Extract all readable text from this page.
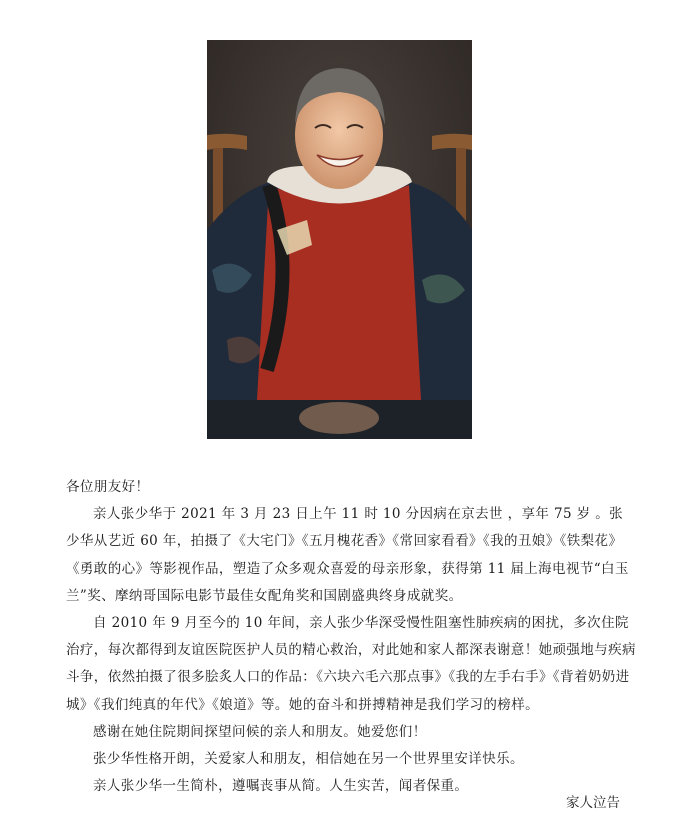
各位朋友好！

亲人张少华于 2021 年 3 月 23 日上午 11 时 10 分因病在京去世 ，享年 75 岁 。张少华从艺近 60 年，拍摄了《大宅门》《五月槐花香》《常回家看看》《我的丑娘》《铁梨花》《勇敢的心》等影视作品，塑造了众多观众喜爱的母亲形象，获得第 11 届上海电视节“白玉兰”奖、摩纳哥国际电影节最佳女配角奖和国剧盛典终身成就奖。

自 2010 年 9 月至今的 10 年间，亲人张少华深受慢性阻塞性肺疾病的困扰，多次住院治疗，每次都得到友谊医院医护人员的精心救治，对此她和家人都深表谢意！她顽强地与疾病斗争，依然拍摄了很多脍炙人口的作品：《六块六毛六那点事》《我的左手右手》《背着奶奶进城》《我们纯真的年代》《娘道》等。她的奋斗和拼搏精神是我们学习的榜样。

感谢在她住院期间探望问候的亲人和朋友。她爱您们！

张少华性格开朗，关爱家人和朋友，相信她在另一个世界里安详快乐。

亲人张少华一生简朴，遵嘱丧事从简。人生实苦，闻者保重。

家人泣告
